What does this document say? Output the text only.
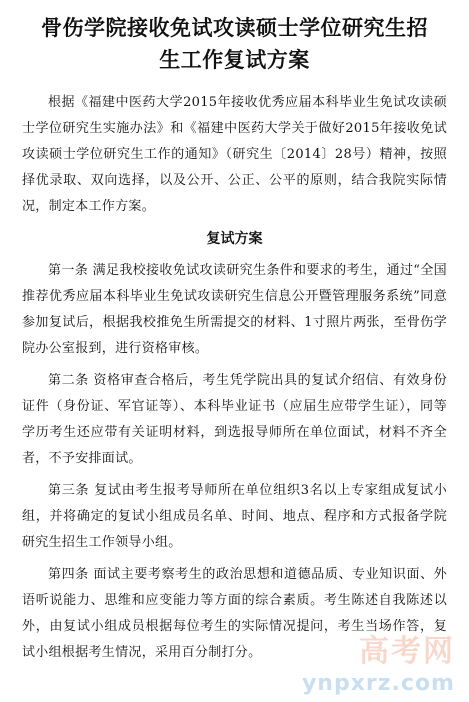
骨伤学院接收免试攻读硕士学位研究生招
生工作复试方案

根据《福建中医药大学2015年接收优秀应届本科毕业生免试攻读硕士学位研究生实施办法》和《福建中医药大学关于做好2015年接收免试攻读硕士学位研究生工作的通知》（研究生〔2014〕28号）精神，按照择优录取、双向选择，以及公开、公正、公平的原则，结合我院实际情况，制定本工作方案。

复试方案

第一条 满足我校接收免试攻读研究生条件和要求的考生，通过“全国推荐优秀应届本科毕业生免试攻读研究生信息公开暨管理服务系统”同意参加复试后，根据我校推免生所需提交的材料、1寸照片两张，至骨伤学院办公室报到，进行资格审核。

第二条 资格审查合格后，考生凭学院出具的复试介绍信、有效身份证件（身份证、军官证等）、本科毕业证书（应届生应带学生证），同等学历考生还应带有关证明材料，到选报导师所在单位面试，材料不齐全者，不予安排面试。

第三条 复试由考生报考导师所在单位组织3名以上专家组成复试小组，并将确定的复试小组成员名单、时间、地点、程序和方式报备学院研究生招生工作领导小组。

第四条 面试主要考察考生的政治思想和道德品质、专业知识面、外语听说能力、思维和应变能力等方面的综合素质。考生陈述自我陈述以外，由复试小组成员根据每位考生的实际情况提问，考生当场作答，复试小组根据考生情况，采用百分制打分。	高考网
ynpxrz.com
